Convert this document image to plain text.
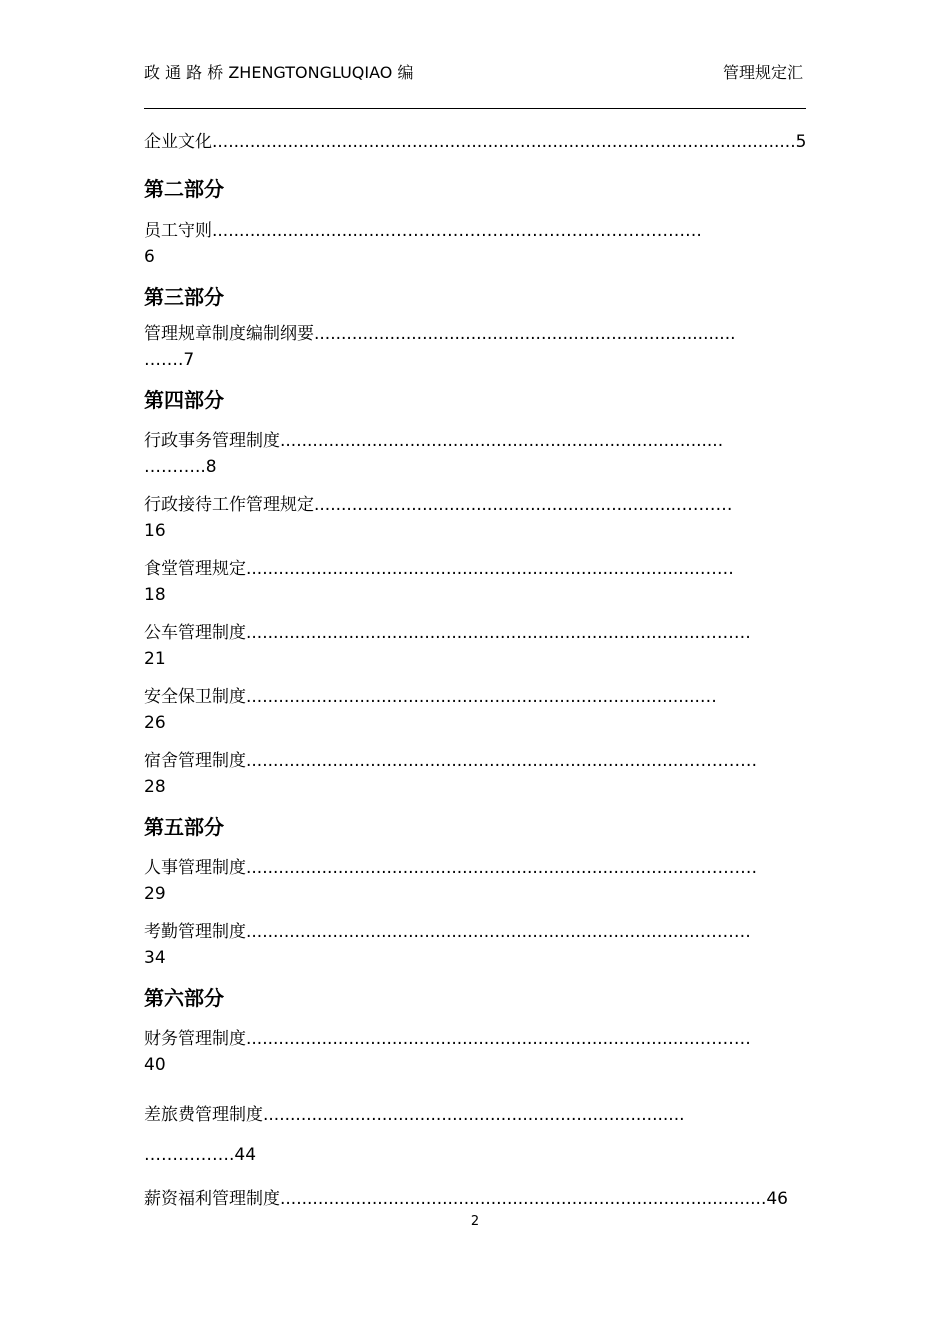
政 通 路 桥 ZHENGTONGLUQIAO 编	管理规定汇
企业文化............................................................................................................5
第二部分
员工守则.................................……………………………………………….
6
第三部分
管理规章制度编制纲要..............................................................................
…….7
第四部分
行政事务管理制度..................................................................................
………..8
行政接待工作管理规定....................................................................………
16
食堂管理规定....................................................................................……
18
公车管理制度....................................................................................………
21
安全保卫制度....................................................................................…
26
宿舍管理制度..................................................................................…………
28
第五部分
人事管理制度..................................................................................…………
29
考勤管理制度....................................................................................………
34
第六部分
财务管理制度....................................................................................………
40
差旅费管理制度..............................................................................
…………….44
薪资福利管理制度..........................................................................................46
2
